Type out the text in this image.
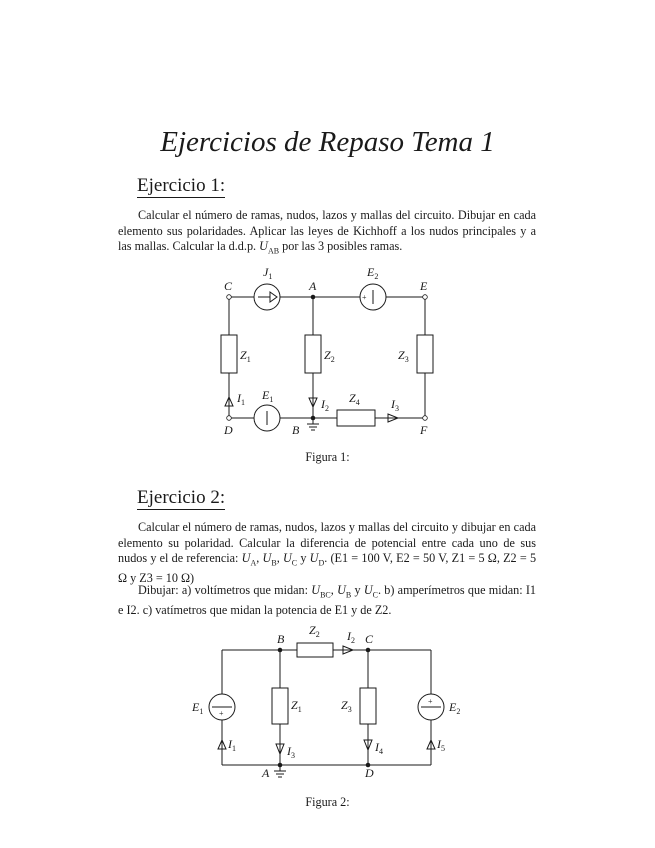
Ejercicios de Repaso Tema 1
Ejercicio 1:

Calcular el número de ramas, nudos, lazos y mallas del circuito. Dibujar en cada elemento sus polaridades. Aplicar las leyes de Kichhoff a los nudos principales y a las mallas. Calcular la d.d.p. $U_{AB}$ por las 3 posibles ramas.

+
C	A	E
D	B	F
$J_1$	$E_2$
$Z_1$	$Z_2$	$Z_3$
$E_1$	$Z_4$
$I_1$	$I_2$	$I_3$
Figura 1:
Ejercicio 2:

Calcular el número de ramas, nudos, lazos y mallas del circuito y dibujar en cada elemento su polaridad. Calcular la diferencia de potencial entre cada uno de sus nudos y el de referencia: $U_A$, $U_B$, $U_C$ y $U_D$. (E1 = 100 V, E2 = 50 V, Z1 = 5 Ω, Z2 = 5 Ω y Z3 = 10 Ω)

Dibujar: a) voltímetros que midan: $U_{BC}$, $U_B$ y $U_C$. b) amperímetros que midan: I1 e I2. c) vatímetros que midan la potencia de E1 y de Z2.

+
+
B	C
A	D
$Z_2$
$E_1$	$Z_1$	$Z_3$	$E_2$
$I_2$
$I_1$	$I_3$
$I_4$
$I_5$
Figura 2:
